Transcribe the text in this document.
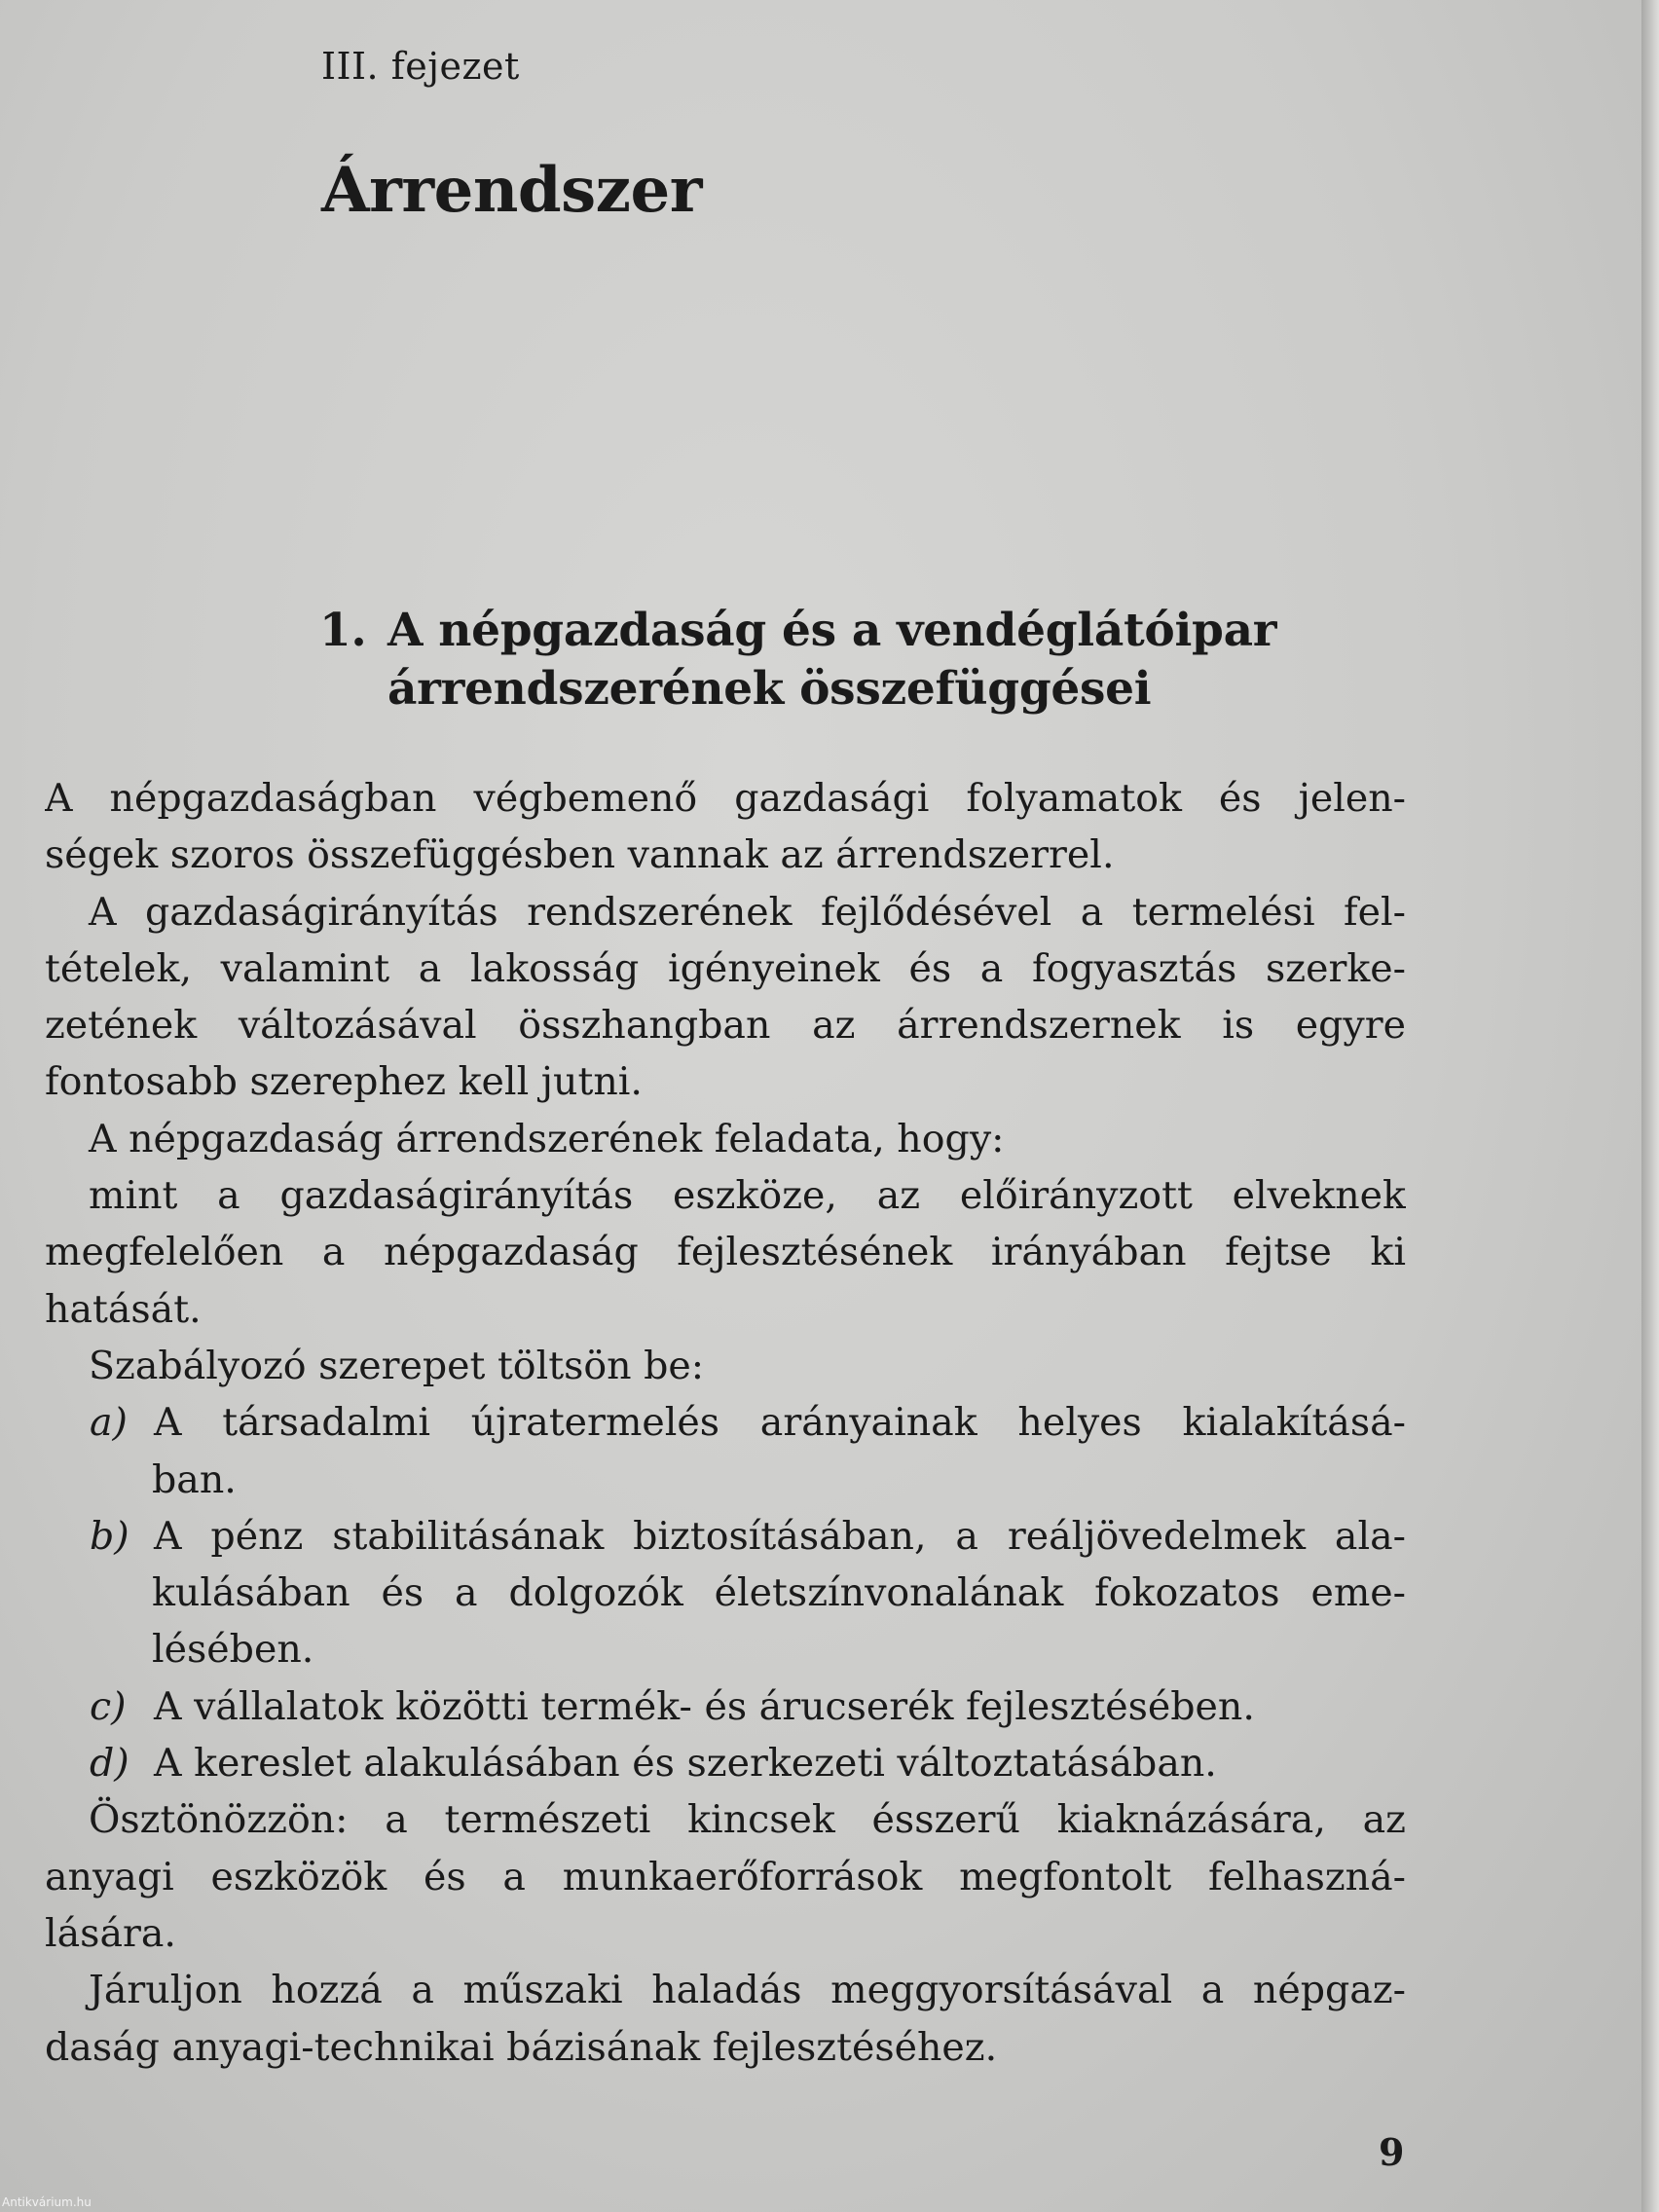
III. fejezet
Árrendszer
1. A népgazdaság és a vendéglátóipar
árrendszerének összefüggései
A népgazdaságban végbemenő gazdasági folyamatok és jelen-
ségek szoros összefüggésben vannak az árrendszerrel.
A gazdaságirányítás rendszerének fejlődésével a termelési fel-
tételek, valamint a lakosság igényeinek és a fogyasztás szerke-
zetének változásával összhangban az árrendszernek is egyre
fontosabb szerephez kell jutni.
A népgazdaság árrendszerének feladata, hogy:
mint a gazdaságirányítás eszköze, az előirányzott elveknek
megfelelően a népgazdaság fejlesztésének irányában fejtse ki
hatását.
Szabályozó szerepet töltsön be:
a) A társadalmi újratermelés arányainak helyes kialakításá-
ban.
b) A pénz stabilitásának biztosításában, a reáljövedelmek ala-
kulásában és a dolgozók életszínvonalának fokozatos eme-
lésében.
c) A vállalatok közötti termék- és árucserék fejlesztésében.
d) A kereslet alakulásában és szerkezeti változtatásában.
Ösztönözzön: a természeti kincsek ésszerű kiaknázására, az
anyagi eszközök és a munkaerőforrások megfontolt felhaszná-
lására.
Járuljon hozzá a műszaki haladás meggyorsításával a népgaz-
daság anyagi-technikai bázisának fejlesztéséhez.
9
Antikvárium.hu
